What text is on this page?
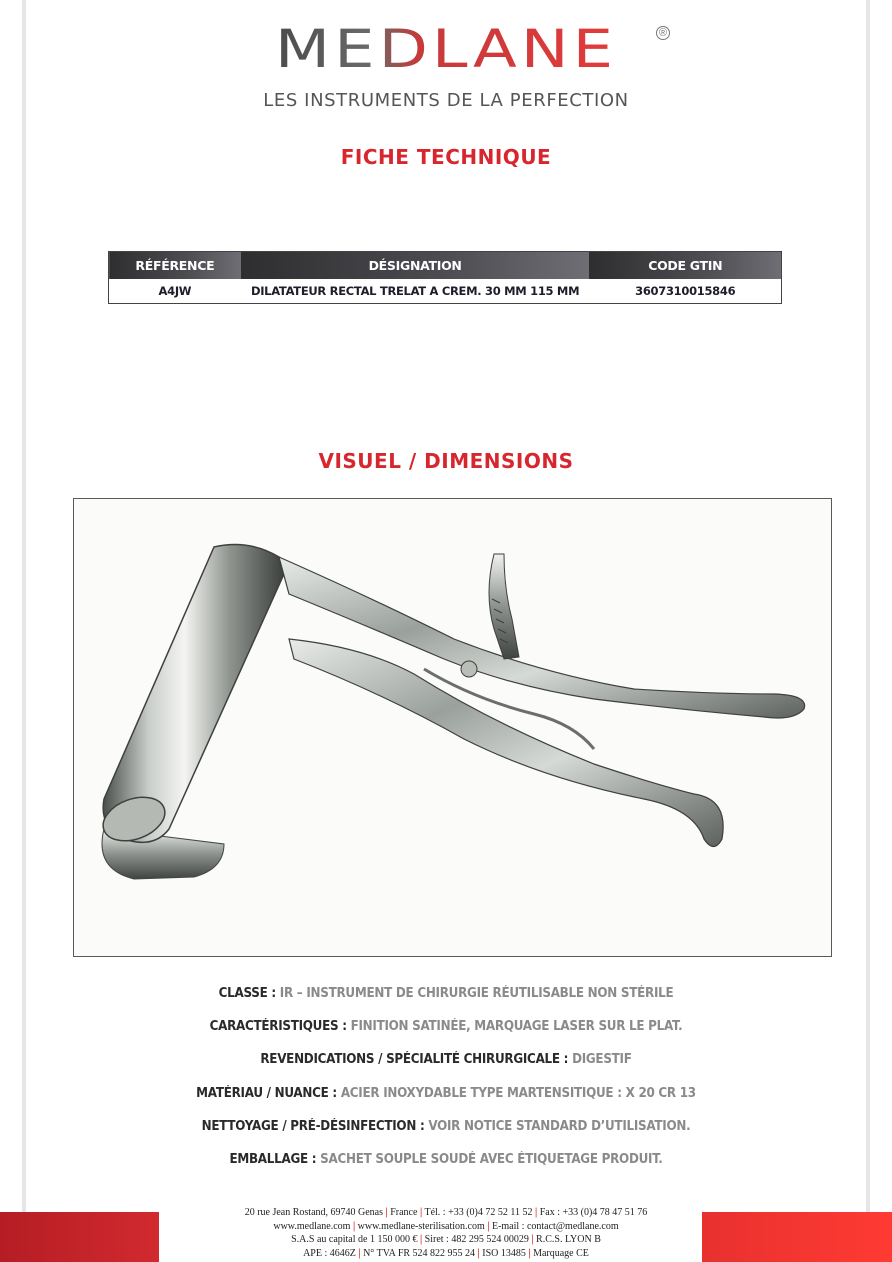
MEDLANE	®
LES INSTRUMENTS DE LA PERFECTION
FICHE TECHNIQUE
RÉFÉRENCE	DÉSIGNATION	CODE GTIN
A4JW	DILATATEUR RECTAL TRELAT A CREM. 30 MM 115 MM	3607310015846
VISUEL / DIMENSIONS
CLASSE : IR – INSTRUMENT DE CHIRURGIE RÉUTILISABLE NON STÉRILE
CARACTÉRISTIQUES : FINITION SATINÉE, MARQUAGE LASER SUR LE PLAT.
REVENDICATIONS / SPÉCIALITÉ CHIRURGICALE : DIGESTIF
MATÉRIAU / NUANCE : ACIER INOXYDABLE TYPE MARTENSITIQUE : X 20 CR 13
NETTOYAGE / PRÉ-DÉSINFECTION : VOIR NOTICE STANDARD D’UTILISATION.
EMBALLAGE : SACHET SOUPLE SOUDÉ AVEC ÉTIQUETAGE PRODUIT.
20 rue Jean Rostand, 69740 Genas | France | Tél. : +33 (0)4 72 52 11 52 | Fax : +33 (0)4 78 47 51 76
www.medlane.com | www.medlane-sterilisation.com | E-mail : contact@medlane.com
S.A.S au capital de 1 150 000 € | Siret : 482 295 524 00029 | R.C.S. LYON B
APE : 4646Z | N° TVA FR 524 822 955 24 | ISO 13485 | Marquage CE
